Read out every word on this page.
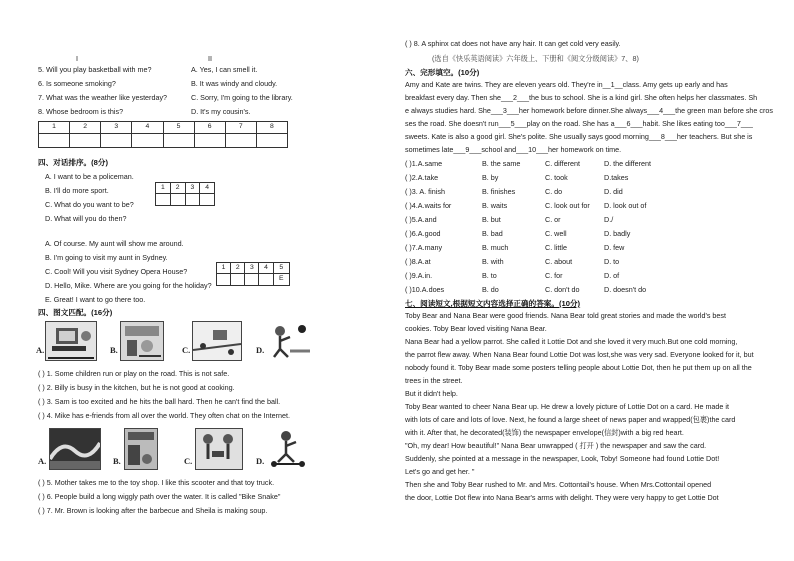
I	II
5. Will you play basketball with me?	A. Yes, I can smell it.
6. Is someone smoking?	B. It was windy and cloudy.
7. What was the weather like yesterday?	C. Sorry, I'm going to the library.
8. Whose bedroom is this?	D. It's my cousin's.
1	2	3	4	5	6	7	8

四、对话排序。(8分)
A. I want to be a policeman.
B. I'll do more sport.
C. What do you want to be?
D. What will you do then?
1	2	3	4

A. Of course. My aunt will show me around.
B. I'm going to visit my aunt in Sydney.
C. Cool! Will you visit Sydney Opera House?
D. Hello, Mike. Where are you going for the holiday?
E. Great! I want to go there too.
1	2	3	4	5
				E
四、图文匹配。(16分)
A.	B.	C.	D.
( ) 1. Some children run or play on the road. This is not safe.
( ) 2. Billy is busy in the kitchen, but he is not good at cooking.
( ) 3. Sam is too excited and he hits the ball hard. Then he can't find the ball.
( ) 4. Mike has e-friends from all over the world. They often chat on the Internet.
A.	B.	C.	D.
( ) 5. Mother takes me to the toy shop. I like this scooter and that toy truck.
( ) 6. People build a long wiggly path over the water. It is called "Bike Snake"
( ) 7. Mr. Brown is looking after the barbecue and Sheila is making soup.
( ) 8. A sphinx cat does not have any hair. It can get cold very easily.
(选自《快乐英语阅读》六年级上、下册和《阅文分级阅读》7、8)
六、完形填空。(10分)
Amy and Kate are twins. They are eleven years old. They're in__1__class. Amy gets up early and has
breakfast every day. Then she___2___the bus to school. She is a kind girl. She often helps her classmates. Sh
e always studies hard. She___3___her homework before dinner.She always___4___the green man before she cros
ses the road. She doesn't run___5___play on the road. She has a___6___habit. She likes eating too___7___
sweets. Kate is also a good girl. She's polite. She usually says good morning___8___her teachers. But she is
sometimes late___9___school and___10___her homework on time.
( )1.A.same	B. the same	C. different	D. the different
( )2.A.take	B. by	C. took	D.takes
( )3. A. finish	B. finishes	C. do	D. did
( )4.A.waits for	B. waits	C. look out for D. look out of
( )5.A.and	B. but	C. or	D./
( )6.A.good	B. bad	C. well	D. badly
( )7.A.many	B. much	C. little	D. few
( )8.A.at	B. with	C. about	D. to
( )9.A.in.	B. to	C. for	D. of
( )10.A.does	B. do	C. don't do	D. doesn't do
七、阅读短文,根据短文内容选择正确的答案。(10分)
Toby Bear and Nana Bear were good friends. Nana Bear told great stories and made the world's best
cookies. Toby Bear loved visiting Nana Bear.
Nana Bear had a yellow parrot. She called it Lottie Dot and she loved it very much.But one cold morning,
the parrot flew away. When Nana Bear found Lottie Dot was lost,she was very sad. Everyone looked for it, but
nobody found it. Toby Bear made some posters telling people about Lottie Dot, then he put them up on all the
trees in the street.
But it didn't help.
Toby Bear wanted to cheer Nana Bear up. He drew a lovely picture of Lottie Dot on a card. He made it
with lots of care and lots of love. Next, he found a large sheet of news paper and wrapped(包裹)the card
with it. After that, he decorated(装饰) the newspaper envelope(信封)with a big red heart.
"Oh, my dear! How beautiful!" Nana Bear unwrapped ( 打开 ) the newspaper and saw the card.
Suddenly, she pointed at a message in the newspaper, Look, Toby! Someone had found Lottie Dot!
Let's go and get her. "
Then she and Toby Bear rushed to Mr. and Mrs. Cottontail's house. When Mrs.Cottontail opened
the door, Lottie Dot flew into Nana Bear's arms with delight. They were very happy to get Lottie Dot
